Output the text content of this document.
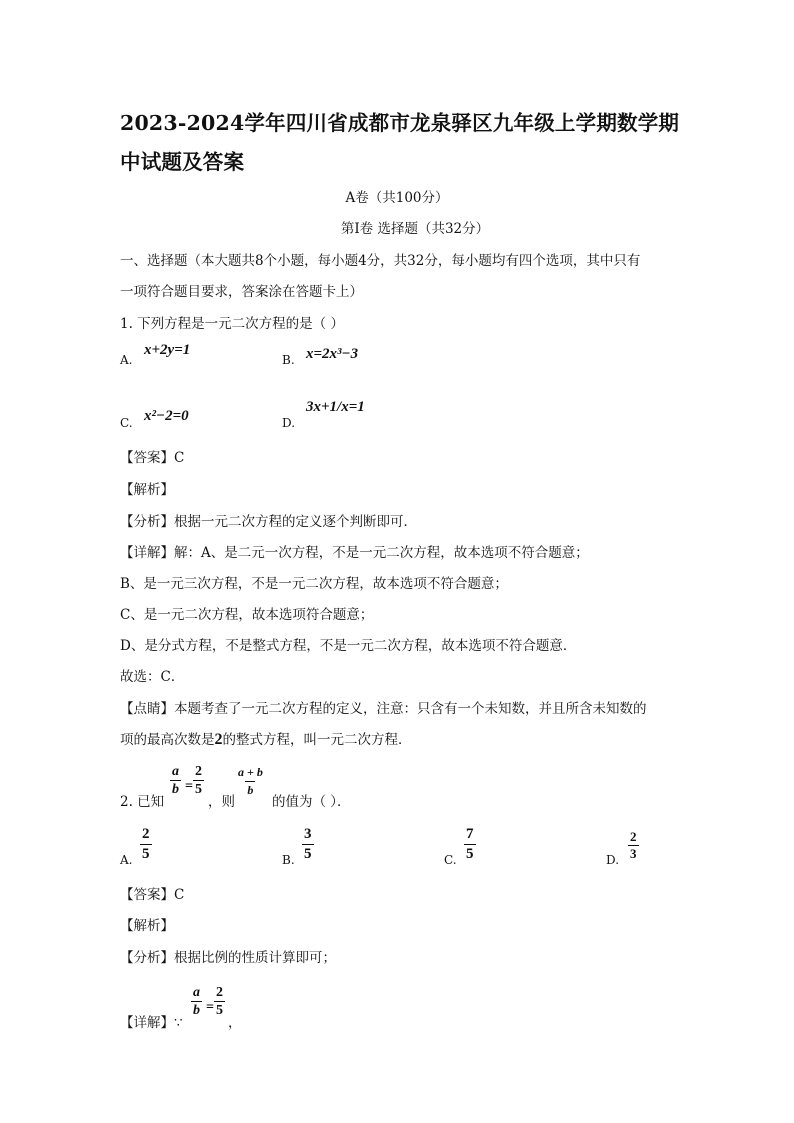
2023-2024学年四川省成都市龙泉驿区九年级上学期数学期
中试题及答案
A卷（共100分）
第Ⅰ卷 选择题（共32分）
一、选择题（本大题共8个小题，每小题4分，共32分，每小题均有四个选项，其中只有
一项符合题目要求，答案涂在答题卡上）
1. 下列方程是一元二次方程的是（ ）
A.
x+2y=1
B. x=2x³−3
C. x²−2=0	D.
3x+1/x=1
【答案】C
【解析】
【分析】根据一元二次方程的定义逐个判断即可．
【详解】解：A、是二元一次方程，不是一元二次方程，故本选项不符合题意；
B、是一元三次方程，不是一元二次方程，故本选项不符合题意；
C、是一元二次方程，故本选项符合题意；
D、是分式方程，不是整式方程，不是一元二次方程，故本选项不符合题意．
故选：C．
【点睛】本题考查了一元二次方程的定义，注意：只含有一个未知数，并且所含未知数的
项的最高次数是2的整式方程，叫一元二次方程．
2. 已知
$\frac{a}{b} = \frac{2}{5}$
，则
$\frac{a + b}{b}$
的值为（ ）．
A. $\frac{2}{5}$	B. $\frac{3}{5}$	C. $\frac{7}{5}$	D. $\frac{2}{3}$
【答案】C
【解析】
【分析】根据比例的性质计算即可；
【详解】∵
$\frac{a}{b} = \frac{2}{5}$
，
